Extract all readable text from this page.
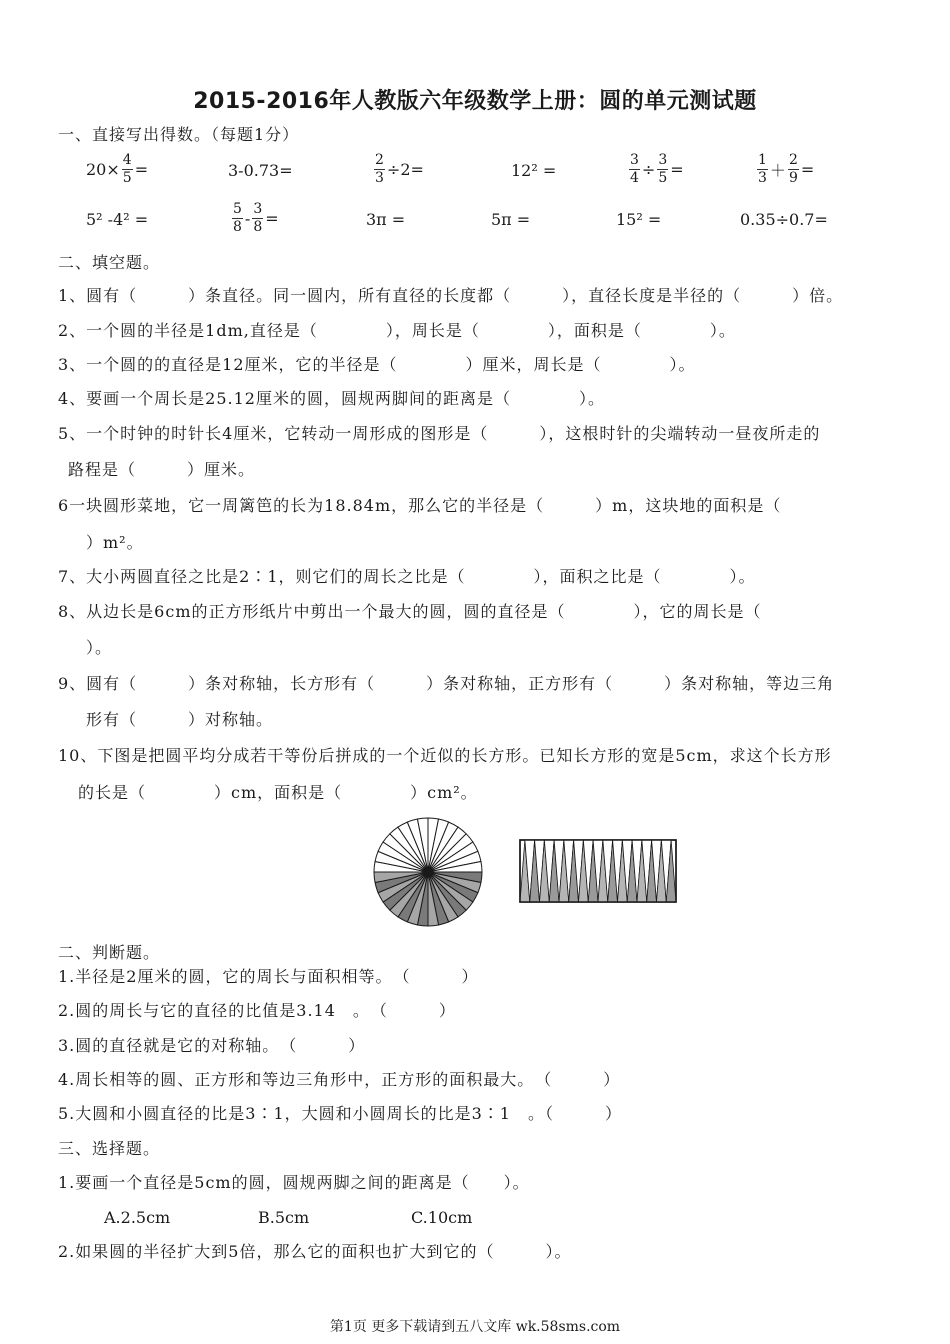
2015-2016年人教版六年级数学上册：圆的单元测试题
一、直接写出得数。（每题1分）
$20\times \frac{4}{5}$ =	3-0.73=	$\frac{2}{3} \div 2=$	12² =	$\frac{3}{4} \div \frac{3}{5}$ =	$\frac{1}{3} + \frac{2}{9}$ =
5² -4² =	$\frac{5}{8} - \frac{3}{8}$ =	3π =	5π =	15² =	0.35÷0.7=
二、填空题。
1、圆有（　　　）条直径。同一圆内，所有直径的长度都（　　　），直径长度是半径的（　　　）倍。
2、一个圆的半径是1dm,直径是（　　　　），周长是（　　　　），面积是（　　　　）。
3、一个圆的的直径是12厘米，它的半径是（　　　　）厘米，周长是（　　　　）。
4、要画一个周长是25.12厘米的圆，圆规两脚间的距离是（　　　　）。
5、一个时钟的时针长4厘米，它转动一周形成的图形是（　　　），这根时针的尖端转动一昼夜所走的
路程是（　　　）厘米。
6一块圆形菜地，它一周篱笆的长为18.84m，那么它的半径是（　　　）m，这块地的面积是（
）m²。
7、大小两圆直径之比是2∶1，则它们的周长之比是（　　　　），面积之比是（　　　　）。
8、从边长是6cm的正方形纸片中剪出一个最大的圆，圆的直径是（　　　　），它的周长是（
）。
9、圆有（　　　）条对称轴，长方形有（　　　）条对称轴，正方形有（　　　）条对称轴，等边三角
形有（　　　）对称轴。
10、下图是把圆平均分成若干等份后拼成的一个近似的长方形。已知长方形的宽是5cm，求这个长方形
的长是（　　　　）cm，面积是（　　　　）cm²。
二、判断题。
1.半径是2厘米的圆，它的周长与面积相等。　（　　　）
2.圆的周长与它的直径的比值是3.14　。　（　　　）
3.圆的直径就是它的对称轴。　（　　　）
4.周长相等的圆、正方形和等边三角形中，正方形的面积最大。　（　　　）
5.大圆和小圆直径的比是3∶1，大圆和小圆周长的比是3∶1　。（　　　）
三、选择题。
1.要画一个直径是5cm的圆，圆规两脚之间的距离是（　　）。
A.2.5cm	B.5cm	C.10cm
2.如果圆的半径扩大到5倍，那么它的面积也扩大到它的（　　　）。
第1页 更多下载请到五八文库 wk.58sms.com
